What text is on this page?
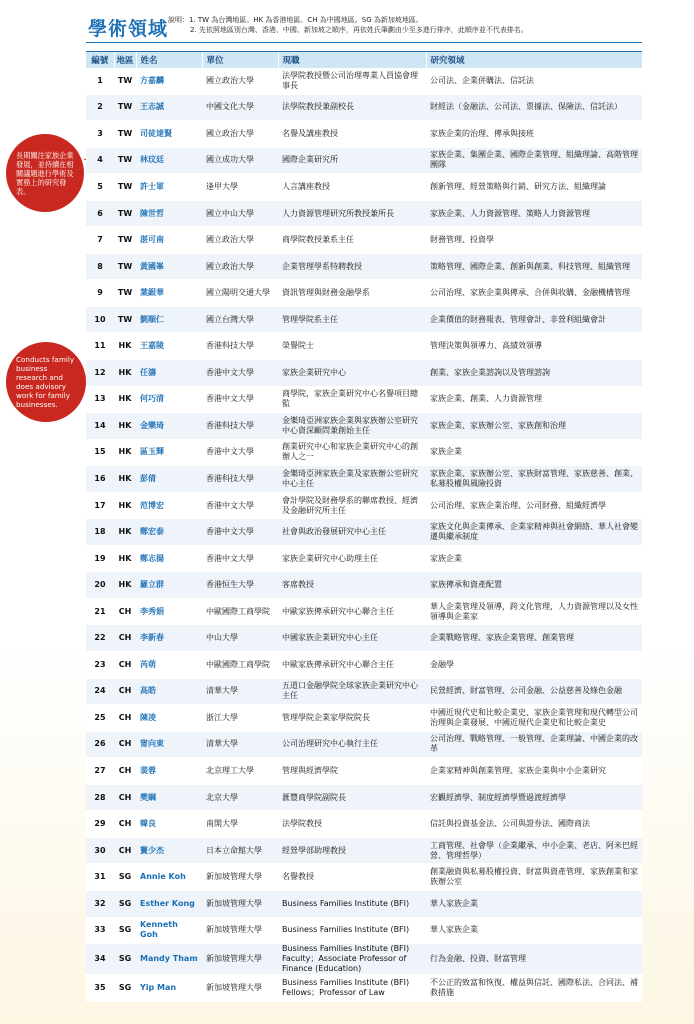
學術領域 說明：1. TW 為台灣地區。HK 為香港地區。CH 為中國地區。SG 為新加坡地區。
2. 先依照地區別台灣、香港、中國、新加坡之順序，再依姓氏筆劃由少至多進行排序，此順序並不代表排名。
長期關注家族企業發展，並持續在相關議題進行學術及實務上的研究發表。
Conducts family business research and does advisory work for family businesses.
編號	地區	姓名	單位	現職	研究領域
1	TW	方嘉麟	國立政治大學	法學院教授暨公司治理專業人員協會理事長	公司法、企業併購法、信託法
2	TW	王志誠	中國文化大學	法學院教授兼副校長	財經法（金融法、公司法、票據法、保險法、信託法）
3	TW	司徒達賢	國立政治大學	名譽及講座教授	家族企業的治理、傳承與接班
4	TW	林玟廷	國立成功大學	國際企業研究所	家族企業、集團企業、國際企業管理、組織理論、高階管理團隊
5	TW	許士軍	逢甲大學	人言講座教授	創新管理、經營策略與行銷、研究方法、組織理論
6	TW	陳世哲	國立中山大學	人力資源管理研究所教授兼所長	家族企業、人力資源管理、策略人力資源管理
7	TW	湛可南	國立政治大學	商學院教授兼系主任	財務管理、投資學
8	TW	黃國峯	國立政治大學	企業管理學系特聘教授	策略管理、國際企業、創新與創業、科技管理、組織管理
9	TW	葉銀華	國立陽明交通大學	資訊管理與財務金融學系	公司治理、家族企業與傳承、合併與收購、金融機構管理
10	TW	劉順仁	國立台灣大學	管理學院系主任	企業價值的財務報表、管理會計、非營利組織會計
11	HK	王嘉陵	香港科技大學	榮譽院士	管理決策與領導力、高績效領導
12	HK	任濤	香港中文大學	家族企業研究中心	創業、家族企業諮詢以及管理諮詢
13	HK	何巧清	香港中文大學	商學院，家族企業研究中心名譽項目總監	家族企業、創業、人力資源管理
14	HK	金樂琦	香港科技大學	金樂琦亞洲家族企業與家族辦公室研究中心資深顧問兼創始主任	家族企業、家族辦公室、家族創和治理
15	HK	區玉輝	香港中文大學	創業研究中心和家族企業研究中心的創辦人之一	家族企業
16	HK	彭倩	香港科技大學	金樂琦亞洲家族企業及家族辦公室研究中心主任	家族企業、家族辦公室、家族財富管理、家族慈善、創業、私募股權與風險投資
17	HK	范博宏	香港中文大學	會計學院及財務學系的聯席教授、經濟及金融研究所主任	公司治理、家族企業治理、公司財務、組織經濟學
18	HK	鄭宏泰	香港中文大學	社會與政治發展研究中心主任	家族文化與企業傳承、企業家精神與社會網絡、華人社會變遷與繼承制度
19	HK	鄭志揚	香港中文大學	家族企業研究中心助理主任	家族企業
20	HK	羅立群	香港恒生大學	客席教授	家族傳承和資產配置
21	CH	李秀娟	中歐國際工商學院	中歐家族傳承研究中心聯合主任	華人企業管理及領導，跨文化管理，人力資源管理以及女性領導與企業家
22	CH	李新春	中山大學	中國家族企業研究中心主任	企業戰略管理、家族企業管理、創業管理
23	CH	芮萌	中歐國際工商學院	中歐家族傳承研究中心聯合主任	金融學
24	CH	高皓	清華大學	五道口金融學院全球家族企業研究中心主任	民營經濟、財富管理、公司金融、公益慈善及綠色金融
25	CH	陳凌	浙江大學	管理學院企業家學院院長	中國近現代史和比較企業史、家族企業管理和現代轉型公司治理與企業發展、中國近現代企業史和比較企業史
26	CH	甯向東	清華大學	公司治理研究中心執行主任	公司治理、戰略管理、一般管理、企業理論、中國企業的改革
27	CH	裴蓉	北京理工大學	管理與經濟學院	企業家精神與創業管理、家族企業與中小企業研究
28	CH	樊綱	北京大學	滙豐商學院副院長	宏觀經濟學、制度經濟學暨過渡經濟學
29	CH	韓良	南開大學	法學院教授	信託與投資基金法、公司與證券法、國際商法
30	CH	竇少杰	日本立命館大學	經營學部助理教授	工商管理、社會學（企業繼承、中小企業、老店、阿米巴經營、管理哲學）
31	SG	Annie Koh	新加坡管理大學	名譽教授	創業融資與私募股權投資、財富與資產管理、家族創業和家族辦公室
32	SG	Esther Kong	新加坡管理大學	Business Families Institute (BFI)	華人家族企業
33	SG	Kenneth Goh	新加坡管理大學	Business Families Institute (BFI)	華人家族企業
34	SG	Mandy Tham	新加坡管理大學	Business Families Institute (BFI) Faculty；Associate Professor of Finance (Education)	行為金融、投資、財富管理
35	SG	Yip Man	新加坡管理大學	Business Families Institute (BFI) Fellows；Professor of Law	不公正的致富和恢復、權益與信託、國際私法、合同法、補救措施
